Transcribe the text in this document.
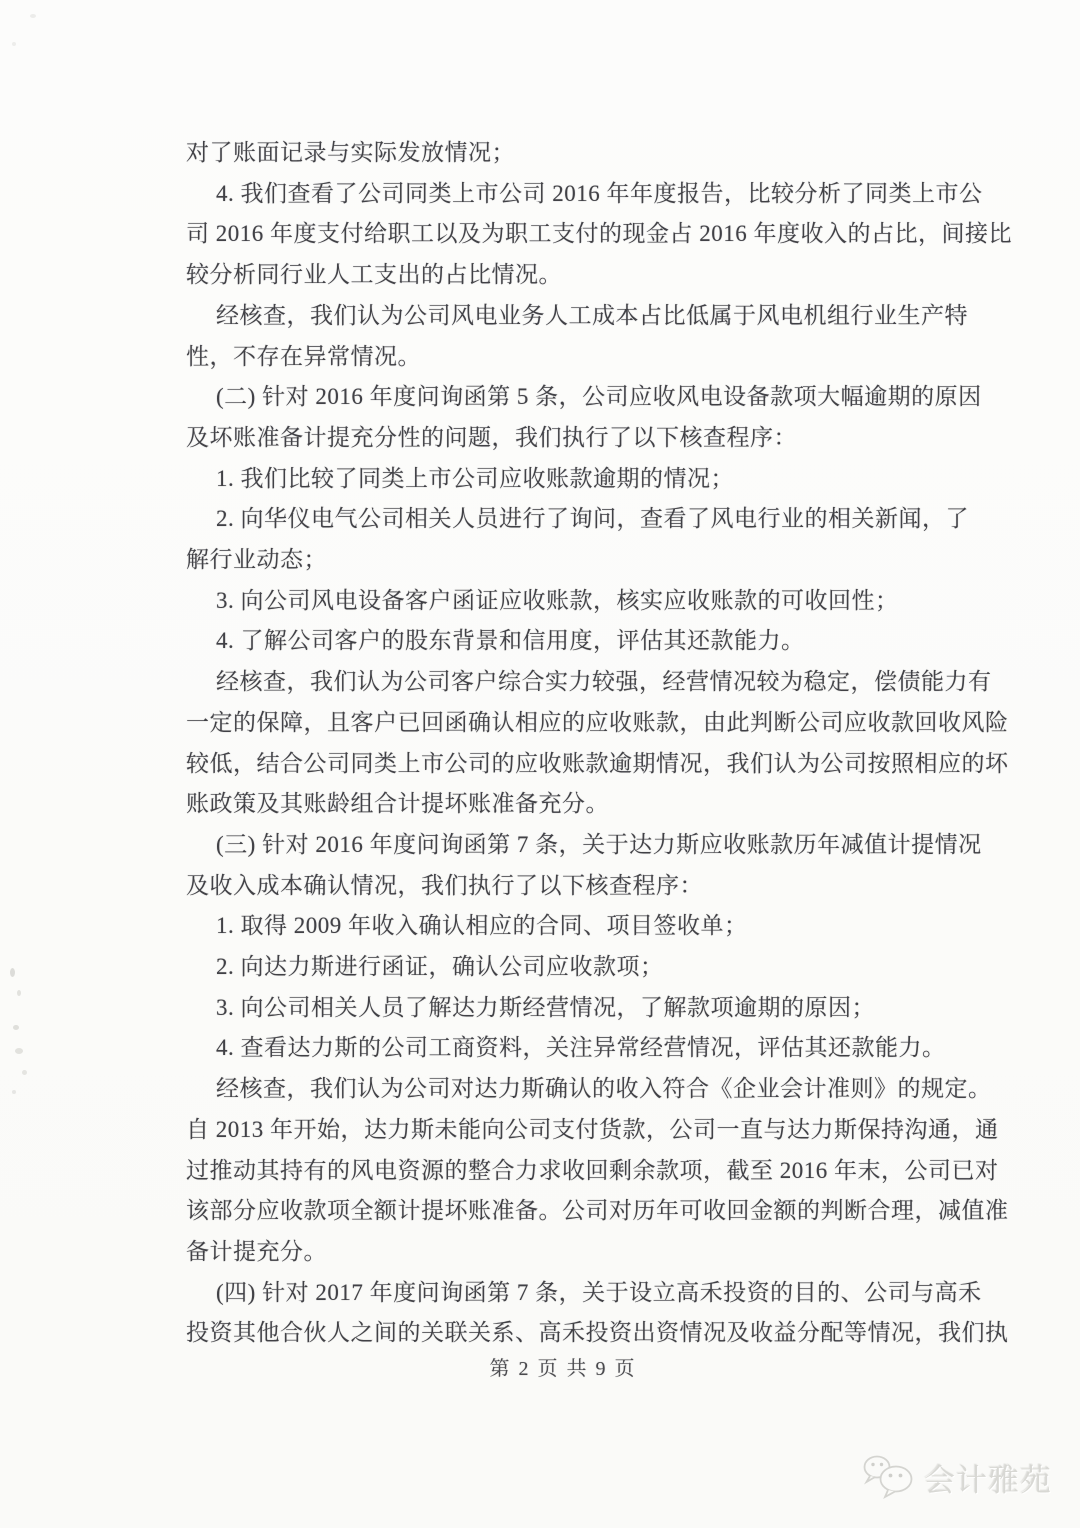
对了账面记录与实际发放情况；
4. 我们查看了公司同类上市公司 2016 年年度报告，比较分析了同类上市公
司 2016 年度支付给职工以及为职工支付的现金占 2016 年度收入的占比，间接比
较分析同行业人工支出的占比情况。
经核查，我们认为公司风电业务人工成本占比低属于风电机组行业生产特
性，不存在异常情况。
(二) 针对 2016 年度问询函第 5 条，公司应收风电设备款项大幅逾期的原因
及坏账准备计提充分性的问题，我们执行了以下核查程序：
1. 我们比较了同类上市公司应收账款逾期的情况；
2. 向华仪电气公司相关人员进行了询问，查看了风电行业的相关新闻，了
解行业动态；
3. 向公司风电设备客户函证应收账款，核实应收账款的可收回性；
4. 了解公司客户的股东背景和信用度，评估其还款能力。
经核查，我们认为公司客户综合实力较强，经营情况较为稳定，偿债能力有
一定的保障，且客户已回函确认相应的应收账款，由此判断公司应收款回收风险
较低，结合公司同类上市公司的应收账款逾期情况，我们认为公司按照相应的坏
账政策及其账龄组合计提坏账准备充分。
(三) 针对 2016 年度问询函第 7 条，关于达力斯应收账款历年减值计提情况
及收入成本确认情况，我们执行了以下核查程序：
1. 取得 2009 年收入确认相应的合同、项目签收单；
2. 向达力斯进行函证，确认公司应收款项；
3. 向公司相关人员了解达力斯经营情况，了解款项逾期的原因；
4. 查看达力斯的公司工商资料，关注异常经营情况，评估其还款能力。
经核查，我们认为公司对达力斯确认的收入符合《企业会计准则》的规定。
自 2013 年开始，达力斯未能向公司支付货款，公司一直与达力斯保持沟通，通
过推动其持有的风电资源的整合力求收回剩余款项，截至 2016 年末，公司已对
该部分应收款项全额计提坏账准备。公司对历年可收回金额的判断合理，减值准
备计提充分。
(四) 针对 2017 年度问询函第 7 条，关于设立高禾投资的目的、公司与高禾
投资其他合伙人之间的关联关系、高禾投资出资情况及收益分配等情况，我们执
第 2 页 共 9 页
会计雅苑
